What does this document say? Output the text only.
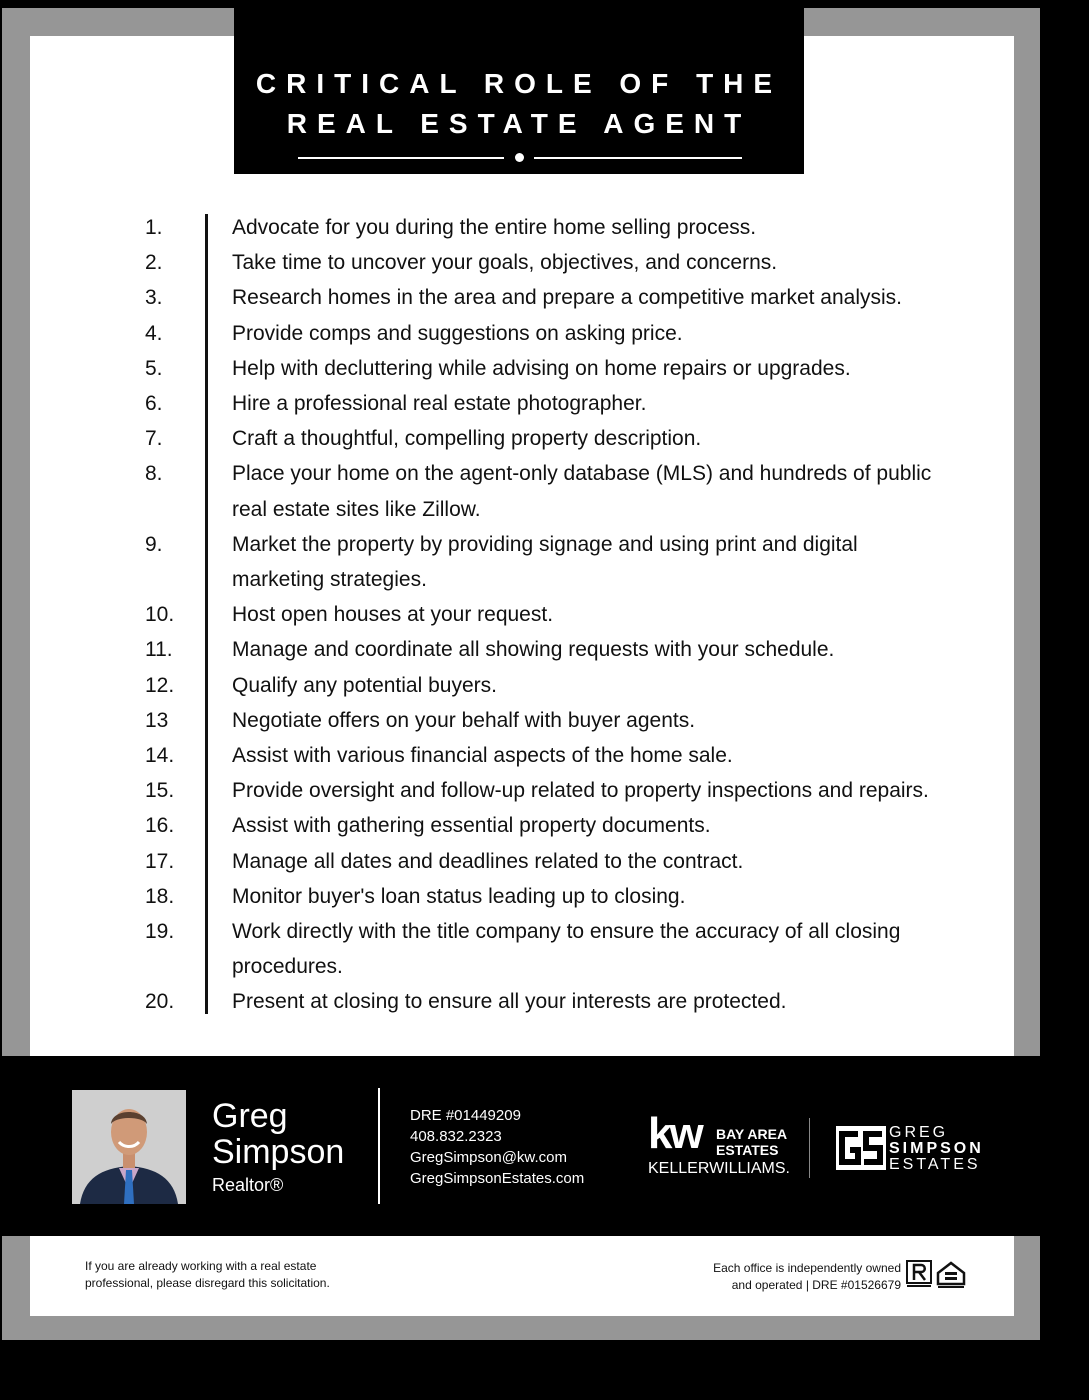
CRITICAL ROLE OF THE
REAL ESTATE AGENT
1.	Advocate for you during the entire home selling process.
2.	Take time to uncover your goals, objectives, and concerns.
3.	Research homes in the area and prepare a competitive market analysis.
4.	Provide comps and suggestions on asking price.
5.	Help with decluttering while advising on home repairs or upgrades.
6.	Hire a professional real estate photographer.
7.	Craft a thoughtful, compelling property description.
8.	Place your home on the agent-only database (MLS) and hundreds of public
real estate sites like Zillow.
9.	Market the property by providing signage and using print and digital
marketing strategies.
10.	Host open houses at your request.
11.	Manage and coordinate all showing requests with your schedule.
12.	Qualify any potential buyers.
13	Negotiate offers on your behalf with buyer agents.
14.	Assist with various financial aspects of the home sale.
15.	Provide oversight and follow-up related to property inspections and repairs.
16.	Assist with gathering essential property documents.
17.	Manage all dates and deadlines related to the contract.
18.	Monitor buyer's loan status leading up to closing.
19.	Work directly with the title company to ensure the accuracy of all closing
procedures.
20.	Present at closing to ensure all your interests are protected.
Greg
Simpson
Realtor®
DRE #01449209
408.832.2323
GregSimpson@kw.com
GregSimpsonEstates.com
kw BAY AREA
ESTATES
KELLERWILLIAMS.
GREG
SIMPSON
ESTATES
If you are already working with a real estate
professional, please disregard this solicitation.
Each office is independently owned
and operated | DRE #01526679
